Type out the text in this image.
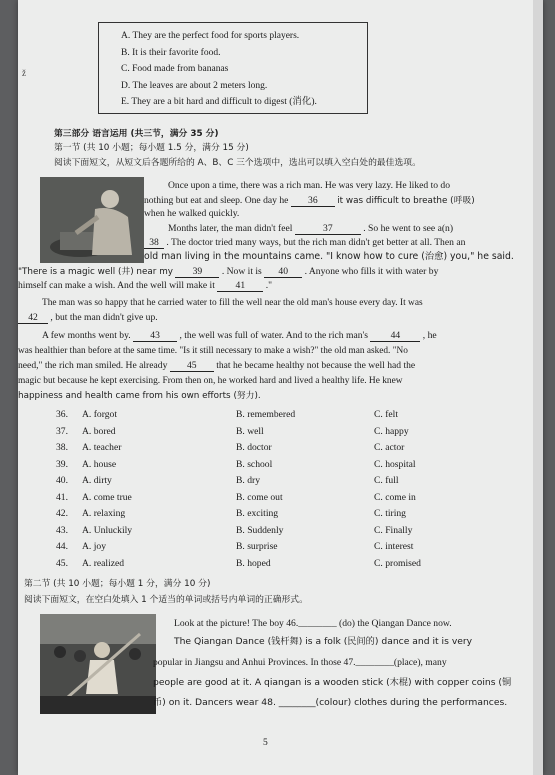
ž
A. They are the perfect food for sports players.
B. It is their favorite food.
C. Food made from bananas
D. The leaves are about 2 meters long.
E. They are a bit hard and difficult to digest (消化).
第三部分 语言运用 (共三节，满分 35 分)
第一节 (共 10 小题；每小题 1.5 分，满分 15 分)
阅读下面短文，从短文后各题所给的 A、B、C 三个选项中，选出可以填入空白处的最佳选项。
Once upon a time, there was a rich man. He was very lazy. He liked to do
nothing but eat and sleep. One day he 36 it was difficult to breathe (呼吸)
when he walked quickly.
Months later, the man didn't feel	37	. So he went to see a(n)
38 . The doctor tried many ways, but the rich man didn't get better at all. Then an
old man living in the mountains came. "I know how to cure (治愈) you," he said.
"There is a magic well (井) near my 39 . Now it is 40 . Anyone who fills it with water by
himself can make a wish. And the well will make it 41 ."
The man was so happy that he carried water to fill the well near the old man's house every day. It was
42 , but the man didn't give up.
A few months went by. 43 , the well was full of water. And to the rich man's 44 , he
was healthier than before at the same time. "Is it still necessary to make a wish?" the old man asked. "No
need," the rich man smiled. He already 45 that he became healthy not because the well had the
magic but because he kept exercising. From then on, he worked hard and lived a healthy life. He knew
happiness and health came from his own efforts (努力).
36. A. forgot	B. remembered	C. felt
37. A. bored	B. well	C. happy
38. A. teacher	B. doctor	C. actor
39. A. house	B. school	C. hospital
40. A. dirty	B. dry	C. full
41. A. come true	B. come out	C. come in
42. A. relaxing	B. exciting	C. tiring
43. A. Unluckily	B. Suddenly	C. Finally
44. A. joy	B. surprise	C. interest
45. A. realized	B. hoped	C. promised
第二节 (共 10 小题；每小题 1 分，满分 10 分)
阅读下面短文，在空白处填入 1 个适当的单词或括号内单词的正确形式。
Look at the picture! The boy 46.________ (do) the Qiangan Dance now.
The Qiangan Dance (钱杆舞) is a folk (民间的) dance and it is very
popular in Jiangsu and Anhui Provinces. In those 47.________(place), many
people are good at it. A qiangan is a wooden stick (木棍) with copper coins (铜
币) on it. Dancers wear 48. ________(colour) clothes during the performances.
5
